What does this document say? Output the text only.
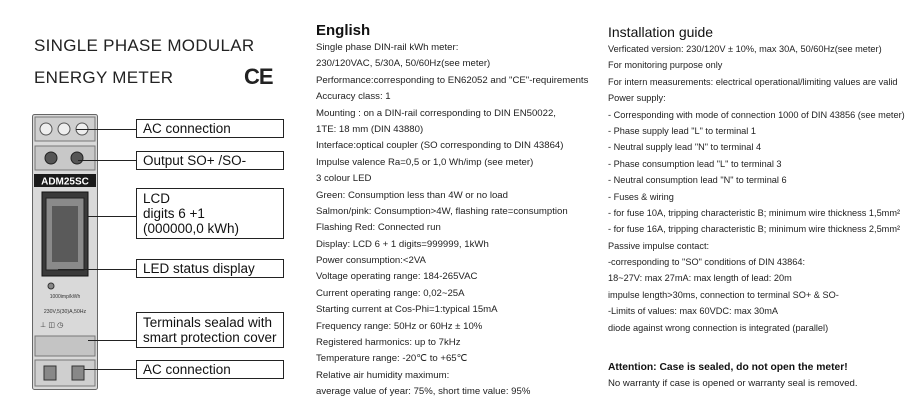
SINGLE PHASE MODULAR
ENERGY METER	CE
ADM25SC
1000imp/kWh
230V,5(30)A,50Hz
⊥ ◫ ◷
AC connection
Output SO+ /SO-
LCD
digits 6 +1
(000000,0 kWh)
LED status display
Terminals sealad with
smart protection cover
AC connection
English
Single phase DIN-rail kWh meter:
230/120VAC, 5/30A, 50/60Hz(see meter)
Performance:corresponding to EN62052 and "CE"-requirements
Accuracy class: 1
Mounting : on a DIN-rail corresponding to DIN EN50022,
1TE: 18 mm (DIN 43880)
Interface:optical coupler (SO corresponding to DIN 43864)
Impulse valence Ra=0,5 or 1,0 Wh/imp (see meter)
3 colour LED
Green: Consumption less than 4W or no load
Salmon/pink: Consumption>4W, flashing rate=consumption
Flashing Red: Connected run
Display: LCD 6 + 1 digits=999999, 1kWh
Power consumption:<2VA
Voltage operating range: 184-265VAC
Current operating range: 0,02~25A
Starting current at Cos-Phi=1:typical 15mA
Frequency range: 50Hz or 60Hz ± 10%
Registered harmonics: up to 7kHz
Temperature range: -20℃ to +65℃
Relative air humidity maximum:
average value of year: 75%, short time value: 95%
Installation guide
Verficated version: 230/120V ± 10%, max 30A, 50/60Hz(see meter)
For monitoring purpose only
For intern measurements: electrical operational/limiting values are valid
Power supply:
- Corresponding with mode of connection 1000 of DIN 43856 (see meter)
- Phase supply lead "L" to terminal 1
- Neutral supply lead "N" to terminal 4
- Phase consumption lead "L" to terminal 3
- Neutral consumption lead "N" to terminal 6
- Fuses & wiring
- for fuse 10A, tripping characteristic B; minimum wire thickness 1,5mm²
- for fuse 16A, tripping characteristic B; minimum wire thickness 2,5mm²
Passive impulse contact:
-corresponding to "SO" conditions of DIN 43864:
18~27V: max 27mA: max length of lead: 20m
impulse length>30ms, connection to terminal SO+ & SO-
-Limits of values: max 60VDC: max 30mA
diode against wrong connection is integrated (parallel)
Attention: Case is sealed, do not open the meter!
No warranty if case is opened or warranty seal is removed.
